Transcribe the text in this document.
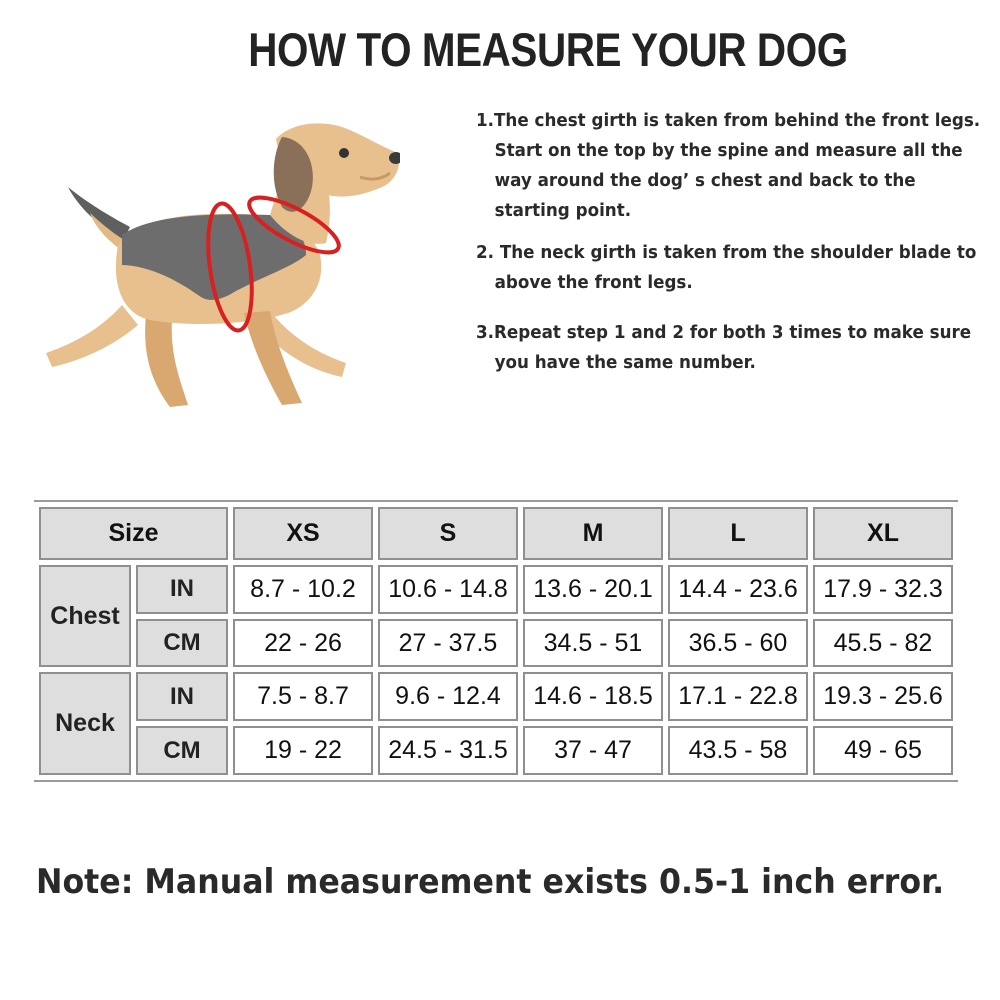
HOW TO MEASURE YOUR DOG
1.The chest girth is taken from behind the front legs.
Start on the top by the spine and measure all the
way around the dog’ s chest and back to the
starting point.
2. The neck girth is taken from the shoulder blade to
above the front legs.
3.Repeat step 1 and 2 for both 3 times to make sure
you have the same number.
Size		XS	S	M	L	XL
Chest	IN	8.7 - 10.2	10.6 - 14.8	13.6 - 20.1	14.4 - 23.6	17.9 - 32.3
	CM	22 - 26	27 - 37.5	34.5 - 51	36.5 - 60	45.5 - 82
Neck	IN	7.5 - 8.7	9.6 - 12.4	14.6 - 18.5	17.1 - 22.8	19.3 - 25.6
	CM	19 - 22	24.5 - 31.5	37 - 47	43.5 - 58	49 - 65

Note: Manual measurement exists 0.5-1 inch error.
